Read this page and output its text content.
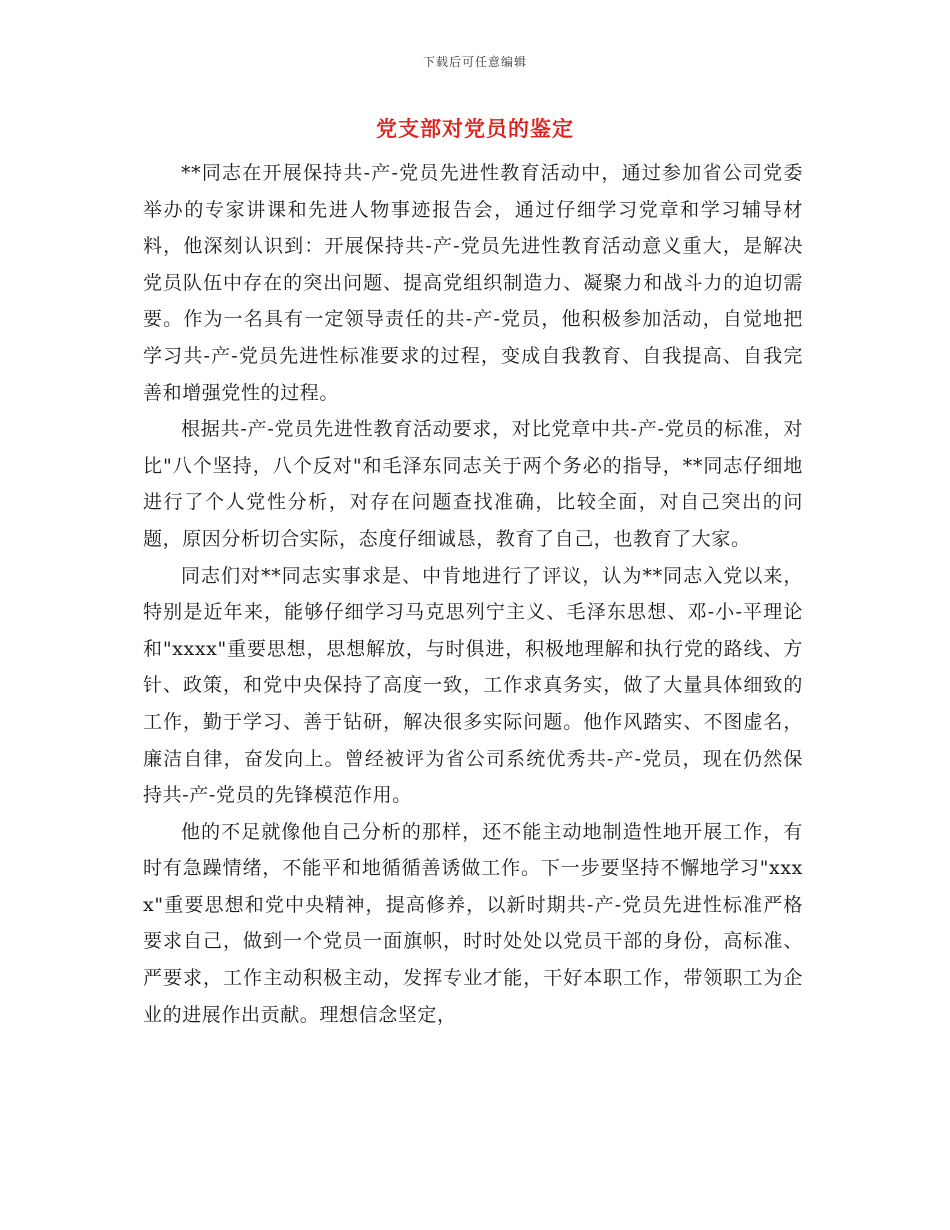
下载后可任意编辑
党支部对党员的鉴定

**同志在开展保持共-产-党员先进性教育活动中，通过参加省公司党委举办的专家讲课和先进人物事迹报告会，通过仔细学习党章和学习辅导材料，他深刻认识到：开展保持共-产-党员先进性教育活动意义重大，是解决党员队伍中存在的突出问题、提高党组织制造力、凝聚力和战斗力的迫切需要。作为一名具有一定领导责任的共-产-党员，他积极参加活动，自觉地把学习共-产-党员先进性标准要求的过程，变成自我教育、自我提高、自我完善和增强党性的过程。

根据共-产-党员先进性教育活动要求，对比党章中共-产-党员的标准，对比"八个坚持，八个反对"和毛泽东同志关于两个务必的指导，**同志仔细地进行了个人党性分析，对存在问题查找准确，比较全面，对自己突出的问题，原因分析切合实际，态度仔细诚恳，教育了自己，也教育了大家。

同志们对**同志实事求是、中肯地进行了评议，认为**同志入党以来，特别是近年来，能够仔细学习马克思列宁主义、毛泽东思想、邓-小-平理论和"xxxx"重要思想，思想解放，与时俱进，积极地理解和执行党的路线、方针、政策，和党中央保持了高度一致，工作求真务实，做了大量具体细致的工作，勤于学习、善于钻研，解决很多实际问题。他作风踏实、不图虚名，廉洁自律，奋发向上。曾经被评为省公司系统优秀共-产-党员，现在仍然保持共-产-党员的先锋模范作用。

他的不足就像他自己分析的那样，还不能主动地制造性地开展工作，有时有急躁情绪，不能平和地循循善诱做工作。下一步要坚持不懈地学习"xxxx"重要思想和党中央精神，提高修养，以新时期共-产-党员先进性标准严格要求自己，做到一个党员一面旗帜，时时处处以党员干部的身份，高标准、严要求，工作主动积极主动，发挥专业才能，干好本职工作，带领职工为企业的进展作出贡献。理想信念坚定，
